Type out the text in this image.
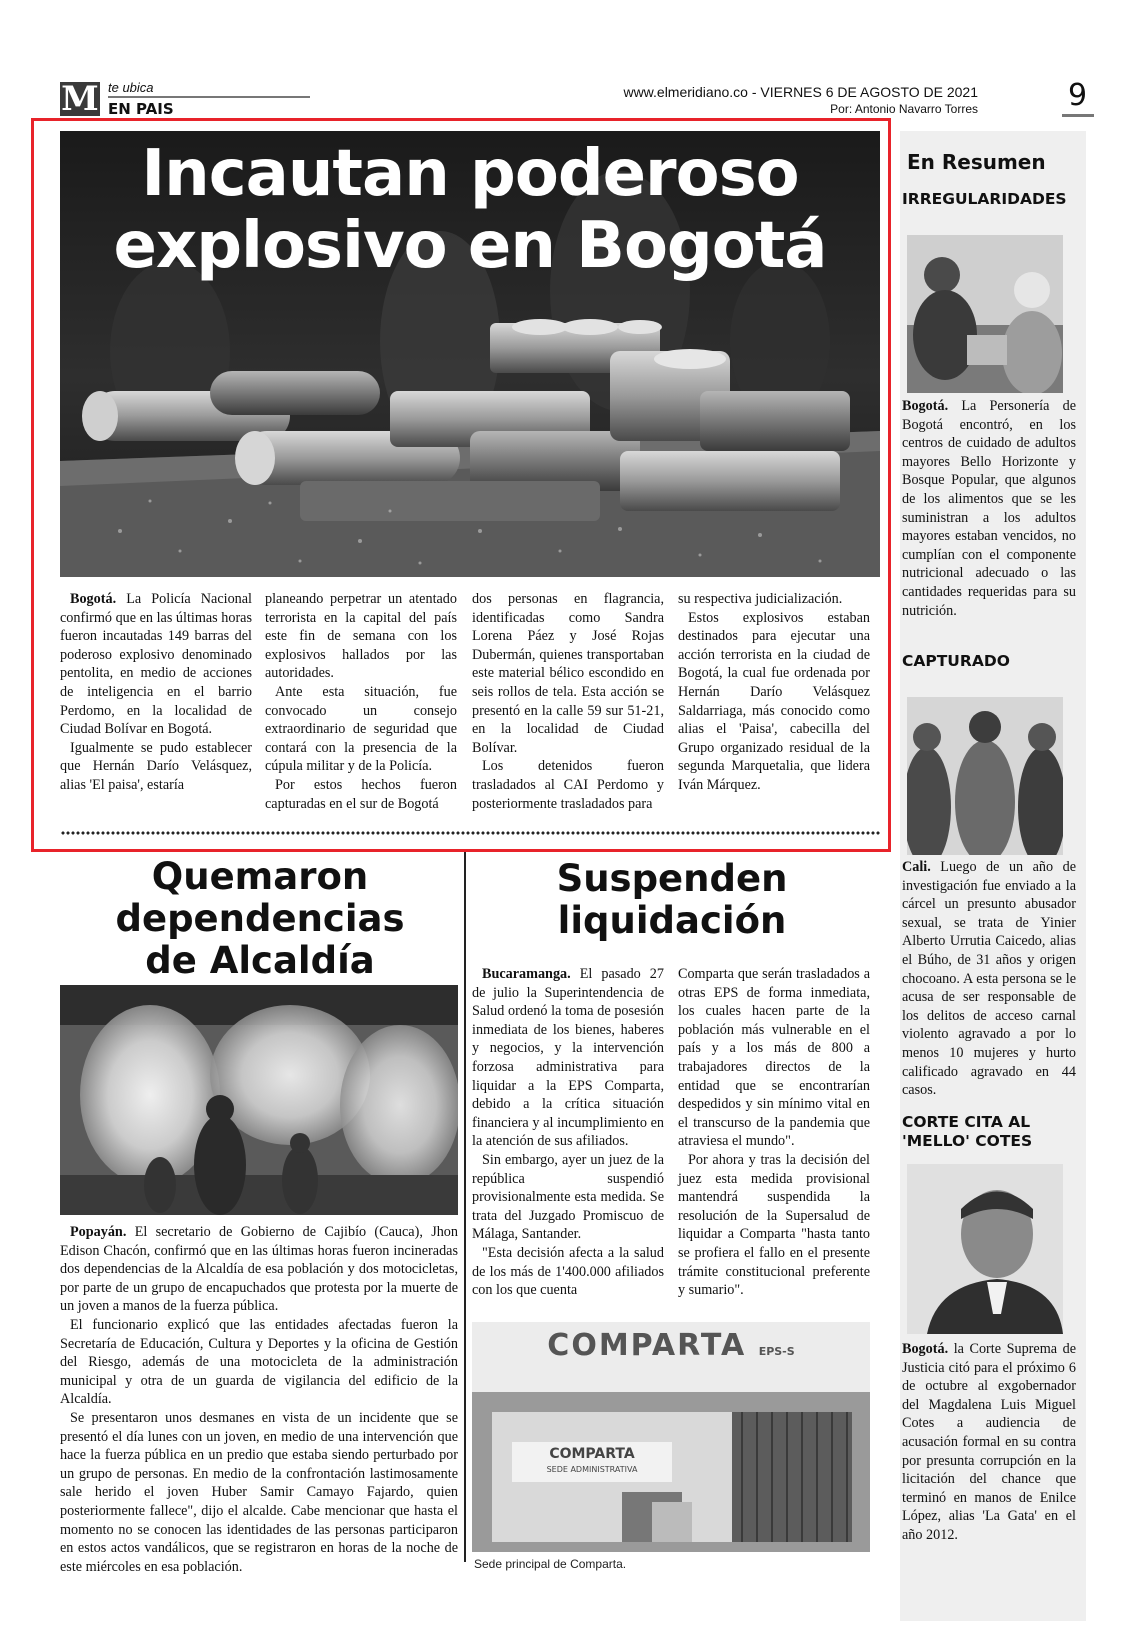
M te ubica
EN PAIS
www.elmeridiano.co - VIERNES 6 DE AGOSTO DE 2021
Por: Antonio Navarro Torres	9
Incautan poderoso
explosivo en Bogotá

Bogotá. La Policía Nacional confirmó que en las últimas horas fueron incautadas 149 barras del poderoso explosivo denominado pentolita, en medio de acciones de inteligencia en el barrio Perdomo, en la localidad de Ciudad Bolívar en Bogotá.

Igualmente se pudo establecer que Hernán Darío Velásquez, alias 'El paisa', estaría

planeando perpetrar un atentado terrorista en la capital del país este fin de semana con los explosivos hallados por las autoridades.

Ante esta situación, fue convocado un consejo extraordinario de seguridad que contará con la presencia de la cúpula militar y de la Policía.

Por estos hechos fueron capturadas en el sur de Bogotá

dos personas en flagrancia, identificadas como Sandra Lorena Páez y José Rojas Dubermán, quienes transportaban este material bélico escondido en seis rollos de tela. Esta acción se presentó en la calle 59 sur 51-21, en la localidad de Ciudad Bolívar.

Los detenidos fueron trasladados al CAI Perdomo y posteriormente trasladados para

su respectiva judicialización.

Estos explosivos estaban destinados para ejecutar una acción terrorista en la ciudad de Bogotá, la cual fue ordenada por Hernán Darío Velásquez Saldarriaga, más conocido como alias el 'Paisa', cabecilla del Grupo organizado residual de la segunda Marquetalia, que lidera Iván Márquez.

Quemaron
dependencias
de Alcaldía

Popayán. El secretario de Gobierno de Cajibío (Cauca), Jhon Edison Chacón, confirmó que en las últimas horas fueron incineradas dos dependencias de la Alcaldía de esa población y dos motocicletas, por parte de un grupo de encapuchados que protesta por la muerte de un joven a manos de la fuerza pública.

El funcionario explicó que las entidades afectadas fueron la Secretaría de Educación, Cultura y Deportes y la oficina de Gestión del Riesgo, además de una motocicleta de la administración municipal y otra de un guarda de vigilancia del edificio de la Alcaldía.

Se presentaron unos desmanes en vista de un incidente que se presentó el día lunes con un joven, en medio de una intervención que hace la fuerza pública en un predio que estaba siendo perturbado por un grupo de personas. En medio de la confrontación lastimosamente sale herido el joven Huber Samir Camayo Fajardo, quien posteriormente fallece", dijo el alcalde. Cabe mencionar que hasta el momento no se conocen las identidades de las personas participaron en estos actos vandálicos, que se registraron en horas de la noche de este miércoles en esa población.

Suspenden
liquidación

Bucaramanga. El pasado 27 de julio la Superintendencia de Salud ordenó la toma de posesión inmediata de los bienes, haberes y negocios, y la intervención forzosa administrativa para liquidar a la EPS Comparta, debido a la crítica situación financiera y al incumplimiento en la atención de sus afiliados.

Sin embargo, ayer un juez de la república suspendió provisionalmente esta medida. Se trata del Juzgado Promiscuo de Málaga, Santander.

"Esta decisión afecta a la salud de los más de 1'400.000 afiliados con los que cuenta

Comparta que serán trasladados a otras EPS de forma inmediata, los cuales hacen parte de la población más vulnerable en el país y a los más de 800 a trabajadores directos de la entidad que se encontrarían despedidos y sin mínimo vital en el transcurso de la pandemia que atraviesa el mundo".

Por ahora y tras la decisión del juez esta medida provisional mantendrá suspendida la resolución de la Supersalud de liquidar a Comparta "hasta tanto se profiera el fallo en el presente trámite constitucional preferente y sumario".

COMPARTA EPS-S
COMPARTA
SEDE ADMINISTRATIVA
Sede principal de Comparta.
En Resumen
IRREGULARIDADES
Bogotá. La Personería de Bogotá encontró, en los centros de cuidado de adultos mayores Bello Horizonte y Bosque Popular, que algunos de los alimentos que se les suministran a los adultos mayores estaban vencidos, no cumplían con el componente nutricional adecuado o las cantidades requeridas para su nutrición.
CAPTURADO
Cali. Luego de un año de investigación fue enviado a la cárcel un presunto abusador sexual, se trata de Yinier Alberto Urrutia Caicedo, alias el Búho, de 31 años y origen chocoano. A esta persona se le acusa de ser responsable de los delitos de acceso carnal violento agravado a por lo menos 10 mujeres y hurto calificado agravado en 44 casos.
CORTE CITA AL
'MELLO' COTES
Bogotá. la Corte Suprema de Justicia citó para el próximo 6 de octubre al exgobernador del Magdalena Luis Miguel Cotes a audiencia de acusación formal en su contra por presunta corrupción en la licitación del chance que terminó en manos de Enilce López, alias 'La Gata' en el año 2012.
